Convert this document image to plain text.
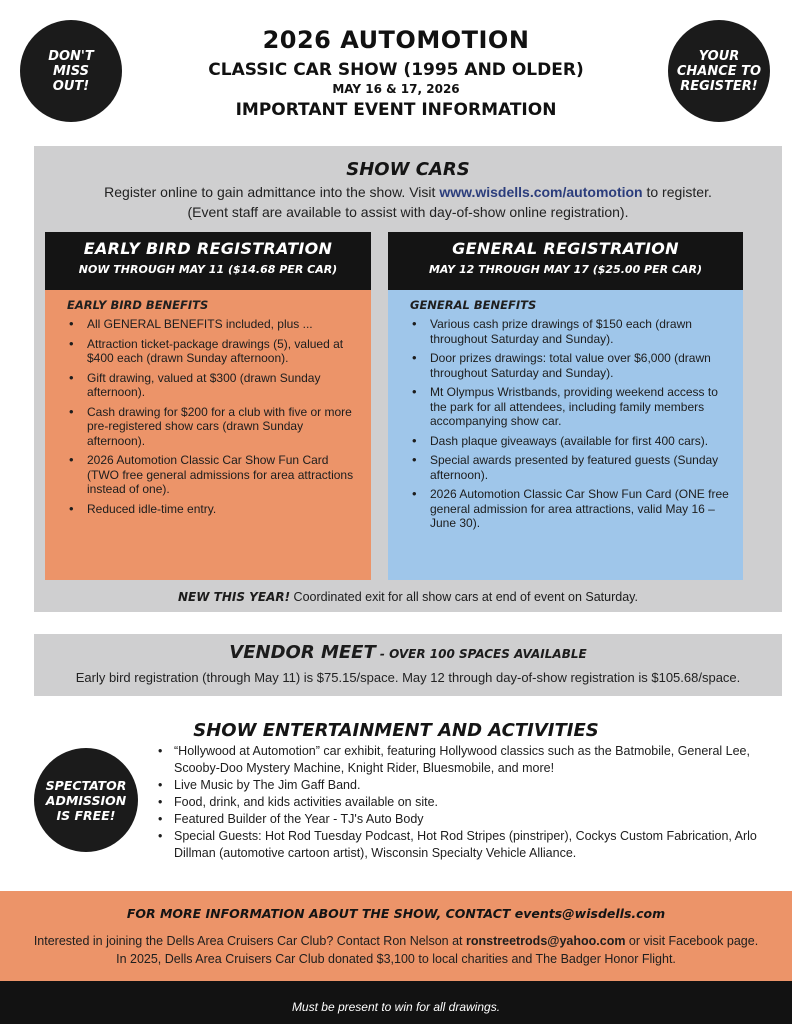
DON'T
MISS
OUT!
YOUR
CHANCE TO
REGISTER!
2026 AUTOMOTION
CLASSIC CAR SHOW (1995 AND OLDER)
MAY 16 & 17, 2026
IMPORTANT EVENT INFORMATION
SHOW CARS
Register online to gain admittance into the show. Visit www.wisdells.com/automotion to register.
(Event staff are available to assist with day-of-show online registration).
EARLY BIRD REGISTRATION
NOW THROUGH MAY 11 ($14.68 PER CAR)
EARLY BIRD BENEFITS
• All GENERAL BENEFITS included, plus ...
• Attraction ticket-package drawings (5), valued at $400 each (drawn Sunday afternoon).
• Gift drawing, valued at $300 (drawn Sunday afternoon).
• Cash drawing for $200 for a club with five or more pre-registered show cars (drawn Sunday afternoon).
• 2026 Automotion Classic Car Show Fun Card (TWO free general admissions for area attractions instead of one).
• Reduced idle-time entry.
GENERAL REGISTRATION
MAY 12 THROUGH MAY 17 ($25.00 PER CAR)
GENERAL BENEFITS
• Various cash prize drawings of $150 each (drawn throughout Saturday and Sunday).
• Door prizes drawings: total value over $6,000 (drawn throughout Saturday and Sunday).
• Mt Olympus Wristbands, providing weekend access to the park for all attendees, including family members accompanying show car.
• Dash plaque giveaways (available for first 400 cars).
• Special awards presented by featured guests (Sunday afternoon).
• 2026 Automotion Classic Car Show Fun Card (ONE free general admission for area attractions, valid May 16 – June 30).
NEW THIS YEAR! Coordinated exit for all show cars at end of event on Saturday.
VENDOR MEET - OVER 100 SPACES AVAILABLE
Early bird registration (through May 11) is $75.15/space. May 12 through day-of-show registration is $105.68/space.
SHOW ENTERTAINMENT AND ACTIVITIES
SPECTATOR
ADMISSION
IS FREE!
• “Hollywood at Automotion” car exhibit, featuring Hollywood classics such as the Batmobile, General Lee, Scooby-Doo Mystery Machine, Knight Rider, Bluesmobile, and more!
• Live Music by The Jim Gaff Band.
• Food, drink, and kids activities available on site.
• Featured Builder of the Year - TJ's Auto Body
• Special Guests: Hot Rod Tuesday Podcast, Hot Rod Stripes (pinstriper), Cockys Custom Fabrication, Arlo Dillman (automotive cartoon artist), Wisconsin Specialty Vehicle Alliance.
FOR MORE INFORMATION ABOUT THE SHOW, CONTACT events@wisdells.com
Interested in joining the Dells Area Cruisers Car Club? Contact Ron Nelson at ronstreetrods@yahoo.com or visit Facebook page.
In 2025, Dells Area Cruisers Car Club donated $3,100 to local charities and The Badger Honor Flight.
Must be present to win for all drawings.
